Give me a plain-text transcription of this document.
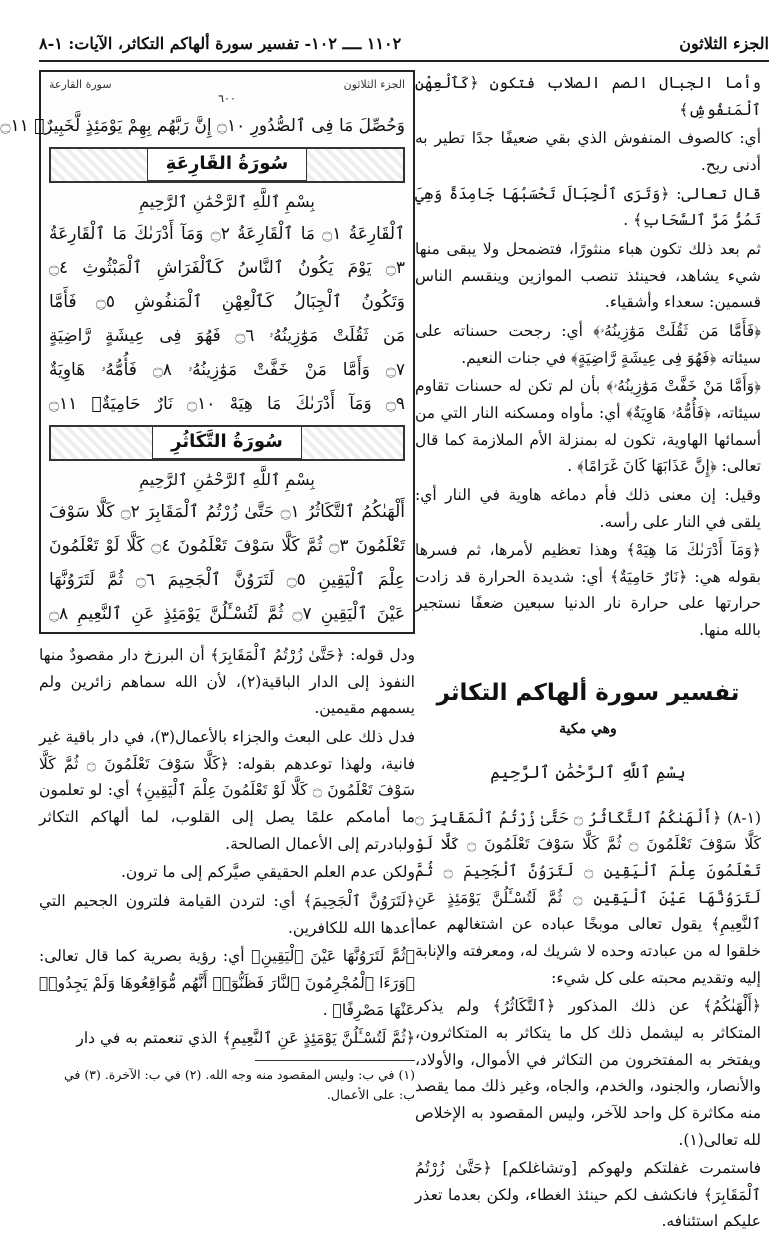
الجزء الثلاثون
١١٠٢ ــــ ١٠٢- تفسير سورة ألهاكم التكاثر، الآيات: ١-٨

وأما الجبال الصم الصلاب فتكون ﴿كَٱلْعِهْنِ ٱلْمَنفُوشِ﴾

أي: كالصوف المنفوش الذي بقي ضعيفًا جدًا تطير به أدنى ريح.

قال تعالى: ﴿وَتَرَى ٱلْجِبَالَ تَحْسَبُهَا جَامِدَةً وَهِيَ تَمُرُّ مَرَّ ٱلسَّحَابِ﴾ .

ثم بعد ذلك تكون هباء منثورًا، فتضمحل ولا يبقى منها شيء يشاهد، فحينئذ تنصب الموازين وينقسم الناس قسمين: سعداء وأشقياء.

﴿فَأَمَّا مَن ثَقُلَتْ مَوَٰزِينُهُۥ﴾ أي: رجحت حسناته على سيئاته ﴿فَهُوَ فِى عِيشَةٍ رَّاضِيَةٍ﴾ في جنات النعيم.

﴿وَأَمَّا مَنْ خَفَّتْ مَوَٰزِينُهُۥ﴾ بأن لم تكن له حسنات تقاوم سيئاته، ﴿فَأُمُّهُۥ هَاوِيَةٌ﴾ أي: مأواه ومسكنه النار التي من أسمائها الهاوية، تكون له بمنزلة الأم الملازمة كما قال تعالى: ﴿إِنَّ عَذَابَهَا كَانَ غَرَامًا﴾ .

وقيل: إن معنى ذلك فأم دماغه هاوية في النار أي: يلقى في النار على رأسه.

﴿وَمَآ أَدْرَىٰكَ مَا هِيَهْ﴾ وهذا تعظيم لأمرها، ثم فسرها بقوله هي: ﴿نَارٌ حَامِيَةٌ﴾ أي: شديدة الحرارة قد زادت حرارتها على حرارة نار الدنيا سبعين ضعفًا نستجير بالله منها.

تفسير سورة ألهاكم التكاثر
وهي مكية
بِسْمِ ٱللَّهِ ٱلرَّحْمَٰنِ ٱلرَّحِيمِ

(١-٨) ﴿أَلْهَىٰكُمُ ٱلتَّكَاثُرُ ۝ حَتَّىٰ زُرْتُمُ ٱلْمَقَابِرَ ۝ كَلَّا سَوْفَ تَعْلَمُونَ ۝ ثُمَّ كَلَّا سَوْفَ تَعْلَمُونَ ۝ كَلَّا لَوْ تَعْلَمُونَ عِلْمَ ٱلْيَقِينِ ۝ لَتَرَوُنَّ ٱلْجَحِيمَ ۝ ثُمَّ لَتَرَوُنَّهَا عَيْنَ ٱلْيَقِينِ ۝ ثُمَّ لَتُسْـَٔلُنَّ يَوْمَئِذٍ عَنِ ٱلنَّعِيمِ﴾ يقول تعالى موبخًا عباده عن اشتغالهم عما خلقوا له من عبادته وحده لا شريك له، ومعرفته والإنابة إليه وتقديم محبته على كل شيء:

﴿أَلْهَىٰكُمُ﴾ عن ذلك المذكور ﴿ٱلتَّكَاثُرُ﴾ ولم يذكر المتكاثر به ليشمل ذلك كل ما يتكاثر به المتكاثرون، ويفتخر به المفتخرون من التكاثر في الأموال، والأولاد، والأنصار، والجنود، والخدم، والجاه، وغير ذلك مما يقصد منه مكاثرة كل واحد للآخر، وليس المقصود به الإخلاص لله تعالى(١).

فاستمرت غفلتكم ولهوكم [وتشاغلكم] ﴿حَتَّىٰ زُرْتُمُ ٱلْمَقَابِرَ﴾ فانكشف لكم حينئذ الغطاء، ولكن بعدما تعذر عليكم استئنافه.

الجزء الثلاثون
سورة القارعة
٦٠٠
وَحُصِّلَ مَا فِى ٱلصُّدُورِ ۝١٠ إِنَّ رَبَّهُم بِهِمْ يَوْمَئِذٍ لَّخَبِيرٌۢ ۝١١
سُورَةُ القَارِعَةِ
بِسْمِ ٱللَّهِ ٱلرَّحْمَٰنِ ٱلرَّحِيمِ
ٱلْقَارِعَةُ ۝١ مَا ٱلْقَارِعَةُ ۝٢ وَمَآ أَدْرَىٰكَ مَا ٱلْقَارِعَةُ
۝٣ يَوْمَ يَكُونُ ٱلنَّاسُ كَٱلْفَرَاشِ ٱلْمَبْثُوثِ ۝٤
وَتَكُونُ ٱلْجِبَالُ كَٱلْعِهْنِ ٱلْمَنفُوشِ ۝٥ فَأَمَّا
مَن ثَقُلَتْ مَوَٰزِينُهُۥ ۝٦ فَهُوَ فِى عِيشَةٍ رَّاضِيَةٍ
۝٧ وَأَمَّا مَنْ خَفَّتْ مَوَٰزِينُهُۥ ۝٨ فَأُمُّهُۥ هَاوِيَةٌ
۝٩ وَمَآ أَدْرَىٰكَ مَا هِيَهْ ۝١٠ نَارٌ حَامِيَةٌۢ ۝١١
سُورَةُ التَّكَاثُرِ
بِسْمِ ٱللَّهِ ٱلرَّحْمَٰنِ ٱلرَّحِيمِ
أَلْهَىٰكُمُ ٱلتَّكَاثُرُ ۝١ حَتَّىٰ زُرْتُمُ ٱلْمَقَابِرَ ۝٢ كَلَّا سَوْفَ
تَعْلَمُونَ ۝٣ ثُمَّ كَلَّا سَوْفَ تَعْلَمُونَ ۝٤ كَلَّا لَوْ تَعْلَمُونَ
عِلْمَ ٱلْيَقِينِ ۝٥ لَتَرَوُنَّ ٱلْجَحِيمَ ۝٦ ثُمَّ لَتَرَوُنَّهَا
عَيْنَ ٱلْيَقِينِ ۝٧ ثُمَّ لَتُسْـَٔلُنَّ يَوْمَئِذٍ عَنِ ٱلنَّعِيمِ ۝٨

ودل قوله: ﴿حَتَّىٰ زُرْتُمُ ٱلْمَقَابِرَ﴾ أن البرزخ دار مقصودٌ منها النفوذ إلى الدار الباقية(٢)، لأن الله سماهم زائرين ولم يسمهم مقيمين.

فدل ذلك على البعث والجزاء بالأعمال(٣)، في دار باقية غير فانية، ولهذا توعدهم بقوله: ﴿كَلَّا سَوْفَ تَعْلَمُونَ ۝ ثُمَّ كَلَّا سَوْفَ تَعْلَمُونَ ۝ كَلَّا لَوْ تَعْلَمُونَ عِلْمَ ٱلْيَقِينِ﴾ أي: لو تعلمون ما أمامكم علمًا يصل إلى القلوب، لما ألهاكم التكاثر ولبادرتم إلى الأعمال الصالحة.

ولكن عدم العلم الحقيقي صيَّركم إلى ما ترون.

﴿لَتَرَوُنَّ ٱلْجَحِيمَ﴾ أي: لتردن القيامة فلترون الجحيم التي أعدها الله للكافرين.

﴿ثُمَّ لَتَرَوُنَّهَا عَيْنَ ٱلْيَقِينِ﴾ أي: رؤية بصرية كما قال تعالى: ﴿وَرَءَا ٱلْمُجْرِمُونَ ٱلنَّارَ فَظَنُّوٓا۟ أَنَّهُم مُّوَاقِعُوهَا وَلَمْ يَجِدُوا۟ عَنْهَا مَصْرِفًا﴾ .

﴿ثُمَّ لَتُسْـَٔلُنَّ يَوْمَئِذٍ عَنِ ٱلنَّعِيمِ﴾ الذي تنعمتم به في دار

(١) في ب: وليس المقصود منه وجه الله. (٢) في ب: الآخرة. (٣) في
ب: على الأعمال.
